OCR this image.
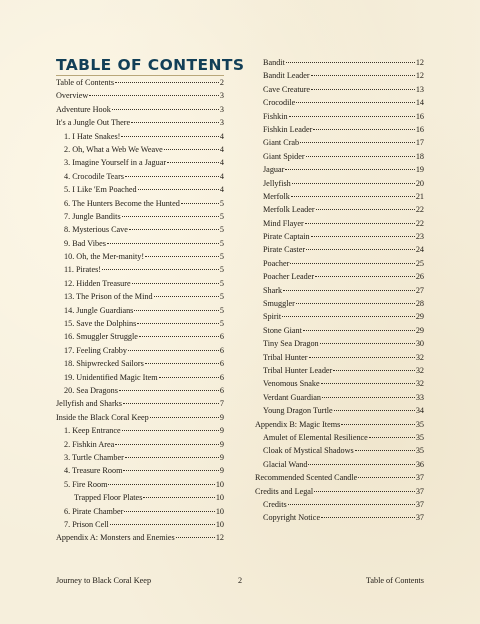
TABLE OF CONTENTS
Table of Contents	2
Overview	3
Adventure Hook	3
It's a Jungle Out There	3
1. I Hate Snakes!	4
2. Oh, What a Web We Weave	4
3. Imagine Yourself in a Jaguar	4
4. Crocodile Tears	4
5. I Like 'Em Poached	4
6. The Hunters Become the Hunted	5
7. Jungle Bandits	5
8. Mysterious Cave	5
9. Bad Vibes	5
10. Oh, the Mer-manity!	5
11. Pirates!	5
12. Hidden Treasure	5
13. The Prison of the Mind	5
14. Jungle Guardians	5
15. Save the Dolphins	5
16. Smuggler Struggle	6
17. Feeling Crabby	6
18. Shipwrecked Sailors	6
19. Unidentified Magic Item	6
20. Sea Dragons	6
Jellyfish and Sharks	7
Inside the Black Coral Keep	9
1. Keep Entrance	9
2. Fishkin Area	9
3. Turtle Chamber	9
4. Treasure Room	9
5. Fire Room	10
Trapped Floor Plates	10
6. Pirate Chamber	10
7. Prison Cell	10
Appendix A: Monsters and Enemies	12
Bandit	12
Bandit Leader	12
Cave Creature	13
Crocodile	14
Fishkin	16
Fishkin Leader	16
Giant Crab	17
Giant Spider	18
Jaguar	19
Jellyfish	20
Merfolk	21
Merfolk Leader	22
Mind Flayer	22
Pirate Captain	23
Pirate Caster	24
Poacher	25
Poacher Leader	26
Shark	27
Smuggler	28
Spirit	29
Stone Giant	29
Tiny Sea Dragon	30
Tribal Hunter	32
Tribal Hunter Leader	32
Venomous Snake	32
Verdant Guardian	33
Young Dragon Turtle	34
Appendix B: Magic Items	35
Amulet of Elemental Resilience	35
Cloak of Mystical Shadows	35
Glacial Wand	36
Recommended Scented Candle	37
Credits and Legal	37
Credits	37
Copyright Notice	37
Journey to Black Coral Keep	2	Table of Contents
